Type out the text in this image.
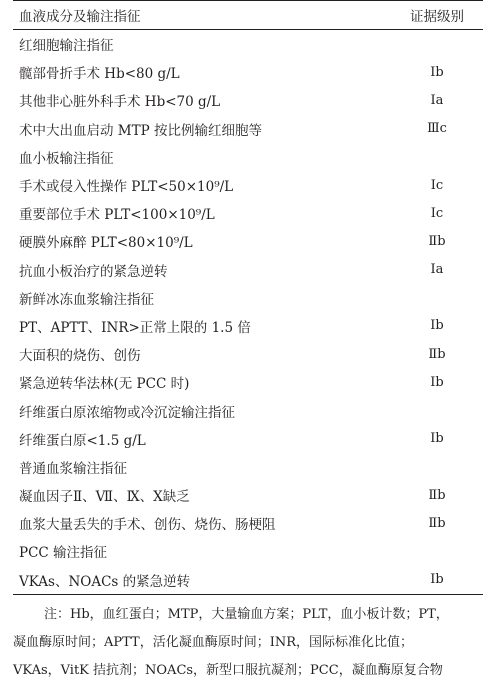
血液成分及输注指征	证据级别
红细胞输注指征
髋部骨折手术 Hb<80 g/L	Ⅰb
其他非心脏外科手术 Hb<70 g/L	Ⅰa
术中大出血启动 MTP 按比例输红细胞等	Ⅲc
血小板输注指征
手术或侵入性操作 PLT<50×10⁹/L	Ⅰc
重要部位手术 PLT<100×10⁹/L	Ⅰc
硬膜外麻醉 PLT<80×10⁹/L	Ⅱb
抗血小板治疗的紧急逆转	Ⅰa
新鲜冰冻血浆输注指征
PT、APTT、INR>正常上限的 1.5 倍	Ⅰb
大面积的烧伤、创伤	Ⅱb
紧急逆转华法林(无 PCC 时)	Ⅰb
纤维蛋白原浓缩物或冷沉淀输注指征
纤维蛋白原<1.5 g/L	Ⅰb
普通血浆输注指征
凝血因子Ⅱ、Ⅶ、Ⅸ、Ⅹ缺乏	Ⅱb
血浆大量丢失的手术、创伤、烧伤、肠梗阻	Ⅱb
PCC 输注指征
VKAs、NOACs 的紧急逆转	Ⅰb

注：Hb，血红蛋白；MTP，大量输血方案；PLT，血小板计数；PT，

凝血酶原时间；APTT，活化凝血酶原时间；INR，国际标准化比值；

VKAs，VitK 拮抗剂；NOACs，新型口服抗凝剂；PCC，凝血酶原复合物
